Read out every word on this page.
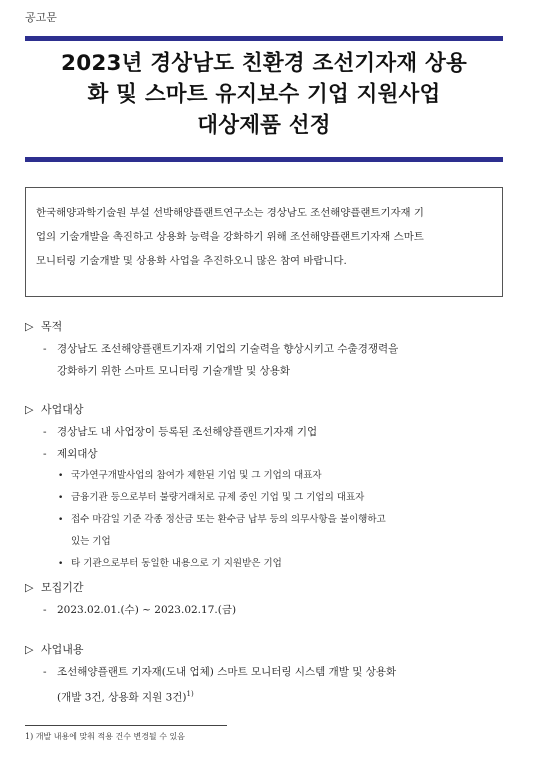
공고문
2023년 경상남도 친환경 조선기자재 상용
화 및 스마트 유지보수 기업 지원사업
대상제품 선정
한국해양과학기술원 부설 선박해양플랜트연구소는 경상남도 조선해양플랜트기자재 기
업의 기술개발을 촉진하고 상용화 능력을 강화하기 위해 조선해양플랜트기자재 스마트
모니터링 기술개발 및 상용화 사업을 추진하오니 많은 참여 바랍니다.
▷ 목적
- 경상남도 조선해양플랜트기자재 기업의 기술력을 향상시키고 수출경쟁력을
강화하기 위한 스마트 모니터링 기술개발 및 상용화
▷ 사업대상
- 경상남도 내 사업장이 등록된 조선해양플랜트기자재 기업
- 제외대상
• 국가연구개발사업의 참여가 제한된 기업 및 그 기업의 대표자
• 금융기관 등으로부터 불량거래처로 규제 중인 기업 및 그 기업의 대표자
• 접수 마감일 기준 각종 정산금 또는 환수금 납부 등의 의무사항을 불이행하고
있는 기업
• 타 기관으로부터 동일한 내용으로 기 지원받은 기업
▷ 모집기간
- 2023.02.01.(수) ~ 2023.02.17.(금)
▷ 사업내용
- 조선해양플랜트 기자재(도내 업체) 스마트 모니터링 시스템 개발 및 상용화
(개발 3건, 상용화 지원 3건)$^{1)}$
1) 개발 내용에 맞춰 적용 건수 변경될 수 있음
